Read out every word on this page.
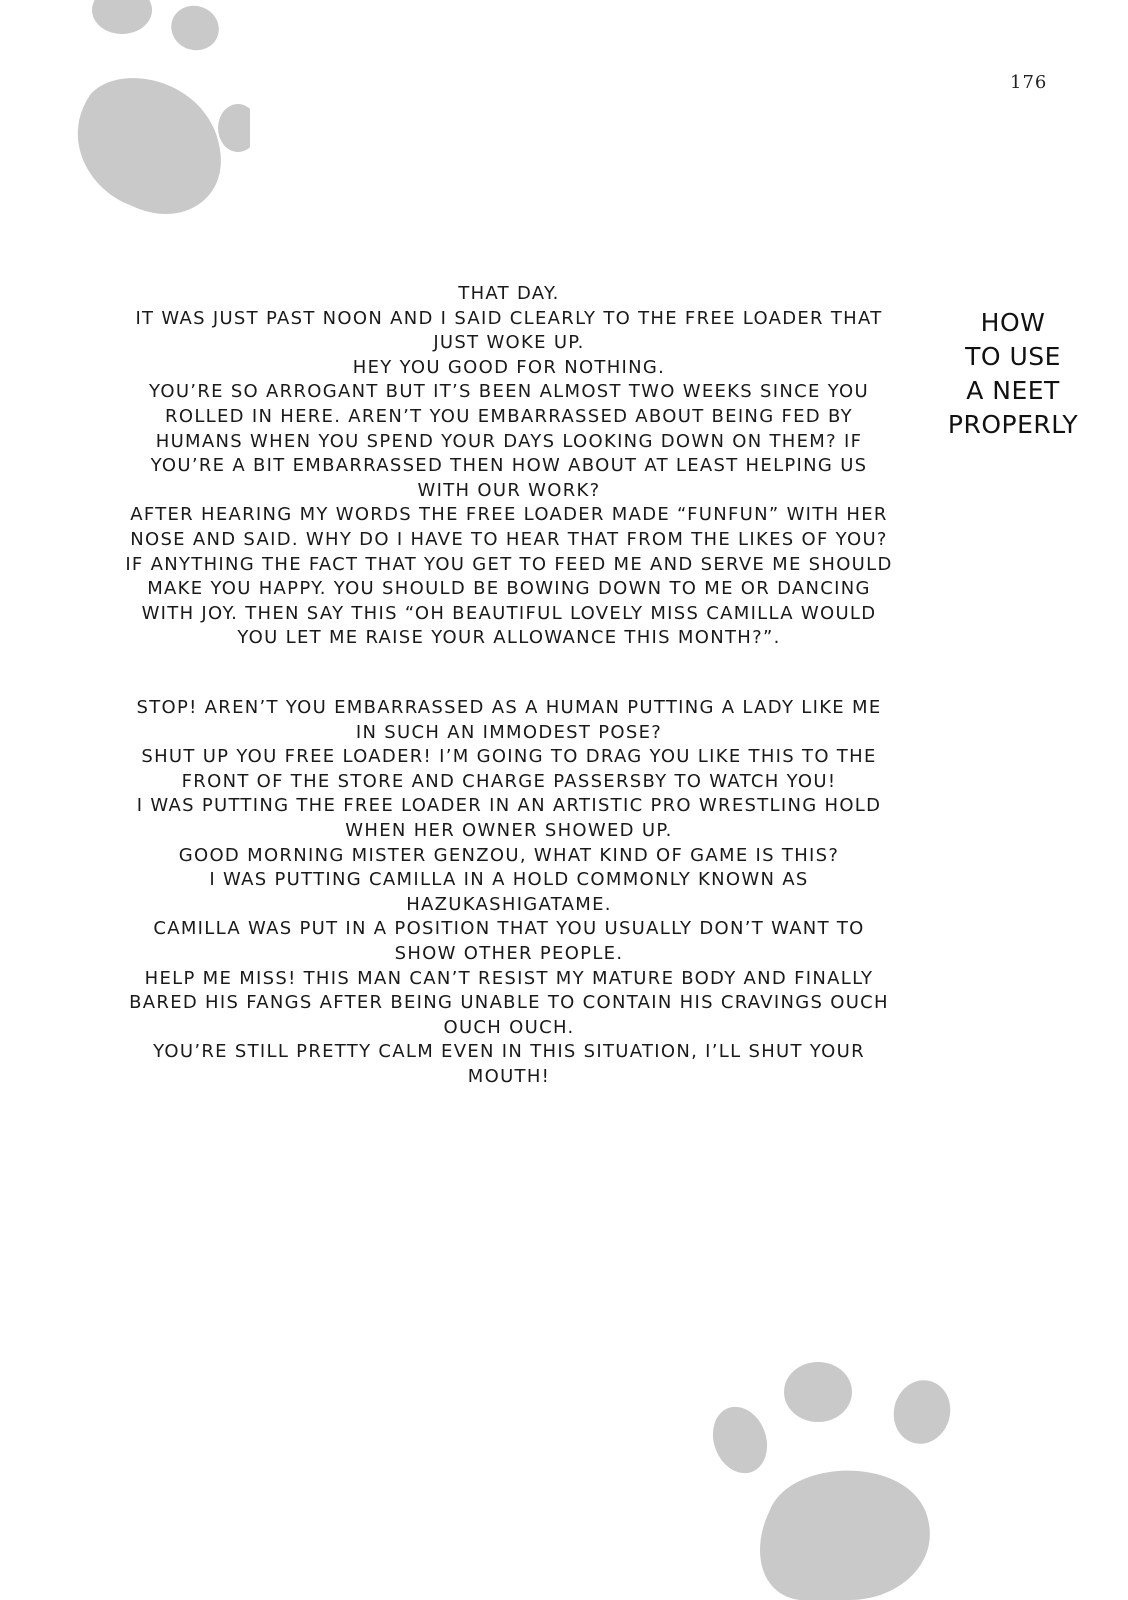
176
HOW
TO USE
A NEET
PROPERLY

THAT DAY.

IT WAS JUST PAST NOON AND I SAID CLEARLY TO THE FREE LOADER THAT JUST WOKE UP.

HEY YOU GOOD FOR NOTHING.

YOU’RE SO ARROGANT BUT IT’S BEEN ALMOST TWO WEEKS SINCE YOU ROLLED IN HERE. AREN’T YOU EMBARRASSED ABOUT BEING FED BY HUMANS WHEN YOU SPEND YOUR DAYS LOOKING DOWN ON THEM? IF YOU’RE A BIT EMBARRASSED THEN HOW ABOUT AT LEAST HELPING US WITH OUR WORK?

AFTER HEARING MY WORDS THE FREE LOADER MADE “FUNFUN” WITH HER NOSE AND SAID. WHY DO I HAVE TO HEAR THAT FROM THE LIKES OF YOU? IF ANYTHING THE FACT THAT YOU GET TO FEED ME AND SERVE ME SHOULD MAKE YOU HAPPY. YOU SHOULD BE BOWING DOWN TO ME OR DANCING WITH JOY. THEN SAY THIS “OH BEAUTIFUL LOVELY MISS CAMILLA WOULD YOU LET ME RAISE YOUR ALLOWANCE THIS MONTH?”.

STOP! AREN’T YOU EMBARRASSED AS A HUMAN PUTTING A LADY LIKE ME IN SUCH AN IMMODEST POSE?

SHUT UP YOU FREE LOADER! I’M GOING TO DRAG YOU LIKE THIS TO THE FRONT OF THE STORE AND CHARGE PASSERSBY TO WATCH YOU!

I WAS PUTTING THE FREE LOADER IN AN ARTISTIC PRO WRESTLING HOLD WHEN HER OWNER SHOWED UP.

GOOD MORNING MISTER GENZOU, WHAT KIND OF GAME IS THIS?

I WAS PUTTING CAMILLA IN A HOLD COMMONLY KNOWN AS HAZUKASHIGATAME.

CAMILLA WAS PUT IN A POSITION THAT YOU USUALLY DON’T WANT TO SHOW OTHER PEOPLE.

HELP ME MISS! THIS MAN CAN’T RESIST MY MATURE BODY AND FINALLY BARED HIS FANGS AFTER BEING UNABLE TO CONTAIN HIS CRAVINGS OUCH OUCH OUCH.

YOU’RE STILL PRETTY CALM EVEN IN THIS SITUATION, I’LL SHUT YOUR MOUTH!
